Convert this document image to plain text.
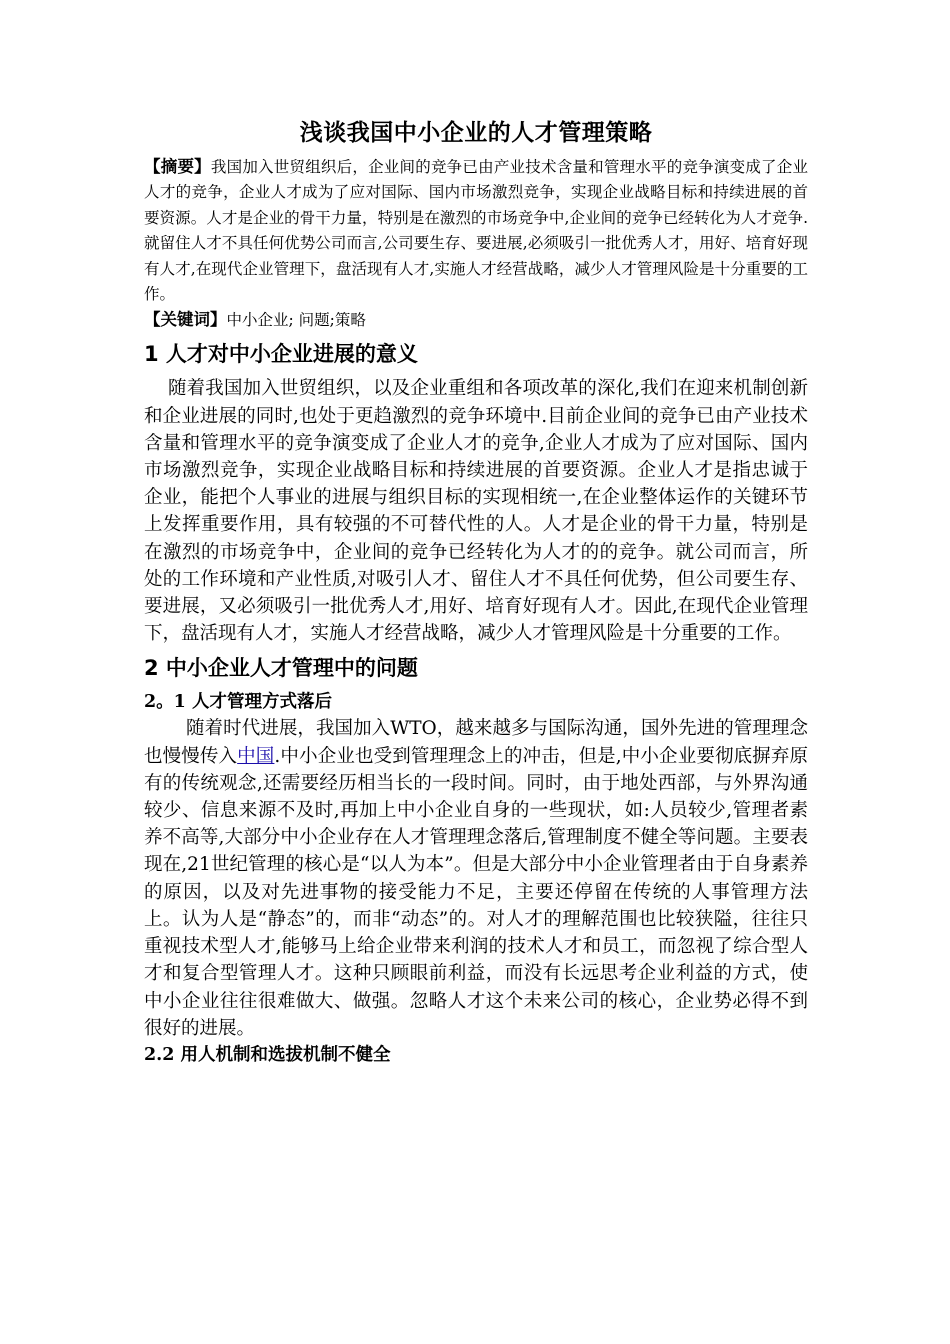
浅谈我国中小企业的人才管理策略

【摘要】我国加入世贸组织后，企业间的竞争已由产业技术含量和管理水平的竞争演变成了企业人才的竞争，企业人才成为了应对国际、国内市场激烈竞争，实现企业战略目标和持续进展的首要资源。人才是企业的骨干力量，特别是在激烈的市场竞争中,企业间的竞争已经转化为人才竞争.就留住人才不具任何优势公司而言,公司要生存、要进展,必须吸引一批优秀人才，用好、培育好现有人才,在现代企业管理下，盘活现有人才,实施人才经营战略，减少人才管理风险是十分重要的工作。

【关键词】中小企业; 问题;策略

1 人才对中小企业进展的意义

随着我国加入世贸组织，以及企业重组和各项改革的深化,我们在迎来机制创新和企业进展的同时,也处于更趋激烈的竞争环境中.目前企业间的竞争已由产业技术含量和管理水平的竞争演变成了企业人才的竞争,企业人才成为了应对国际、国内市场激烈竞争，实现企业战略目标和持续进展的首要资源。企业人才是指忠诚于企业，能把个人事业的进展与组织目标的实现相统一,在企业整体运作的关键环节上发挥重要作用，具有较强的不可替代性的人。人才是企业的骨干力量，特别是在激烈的市场竞争中，企业间的竞争已经转化为人才的的竞争。就公司而言，所处的工作环境和产业性质,对吸引人才、留住人才不具任何优势，但公司要生存、要进展，又必须吸引一批优秀人才,用好、培育好现有人才。因此,在现代企业管理下，盘活现有人才，实施人才经营战略，减少人才管理风险是十分重要的工作。

2 中小企业人才管理中的问题
2。1 人才管理方式落后

随着时代进展，我国加入WTO，越来越多与国际沟通，国外先进的管理理念也慢慢传入中国.中小企业也受到管理理念上的冲击，但是,中小企业要彻底摒弃原有的传统观念,还需要经历相当长的一段时间。同时，由于地处西部，与外界沟通较少、信息来源不及时,再加上中小企业自身的一些现状，如:人员较少,管理者素养不高等,大部分中小企业存在人才管理理念落后,管理制度不健全等问题。主要表现在,21世纪管理的核心是“以人为本”。但是大部分中小企业管理者由于自身素养的原因，以及对先进事物的接受能力不足，主要还停留在传统的人事管理方法上。认为人是“静态”的，而非“动态”的。对人才的理解范围也比较狭隘，往往只重视技术型人才,能够马上给企业带来利润的技术人才和员工，而忽视了综合型人才和复合型管理人才。这种只顾眼前利益，而没有长远思考企业利益的方式，使中小企业往往很难做大、做强。忽略人才这个未来公司的核心，企业势必得不到很好的进展。

2.2 用人机制和选拔机制不健全
